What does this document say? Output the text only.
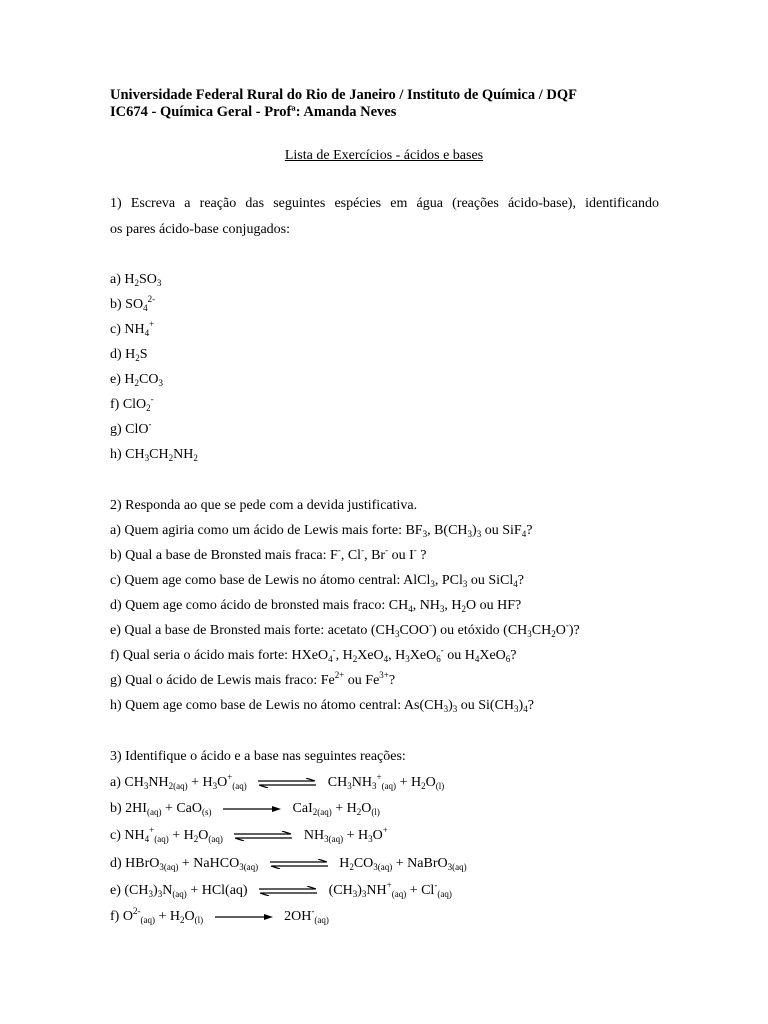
Universidade Federal Rural do Rio de Janeiro / Instituto de Química / DQF
IC674 - Química Geral - Profª: Amanda Neves
Lista de Exercícios - ácidos e bases
1) Escreva a reação das seguintes espécies em água (reações ácido-base), identificando
os pares ácido-base conjugados:
a) $H_2SO_3$
b) $SO_4^{2-}$
c) $NH_4^+$
d) $H_2S$
e) $H_2CO_3$
f) ClO$_2$-
g) ClO-
h) $CH_3CH_2NH_2$
2) Responda ao que se pede com a devida justificativa.
a) Quem agiria como um ácido de Lewis mais forte: $BF_3$, $B(CH_3)_3$ ou SiF$_4$?
b) Qual a base de Bronsted mais fraca: F-, Cl-, Br- ou I- ?
c) Quem age como base de Lewis no átomo central: AlCl$_3$, PCl$_3$ ou SiCl$_4$?
d) Quem age como ácido de bronsted mais fraco: $CH_4$, $NH_3$, $H_2O$ ou HF?
e) Qual a base de Bronsted mais forte: acetato $(CH_3COO^-)$ ou etóxido $(CH_3CH_2O^-)$?
f) Qual seria o ácido mais forte: HXeO$_4$-, $H_2XeO_4$, $H_3XeO_6^-$ ou $H_4XeO_6$?
g) Qual o ácido de Lewis mais fraco: $Fe^{2+}$ ou $Fe^{3+}$?
h) Quem age como base de Lewis no átomo central: $As(CH_3)_3$ ou $Si(CH_3)_4$?
3) Identifique o ácido e a base nas seguintes reações:
a) $CH_3NH_{2(aq)} + H_3O^+_{(aq)}$	$CH_3NH_3^+_{(aq)} + H_2O_{(l)}$
b) $2HI_{(aq)} + CaO_{(s)}$	$CaI_{2(aq)} + H_2O_{(l)}$
c) $NH_4^+_{(aq)} + H_2O_{(aq)}$	$NH_{3(aq)} + H_3O^+$
d) HBrO$_{3(aq)}$ + NaHCO$_{3(aq)}$	$H_2CO_{3(aq)}$ + NaBrO$_{3(aq)}$
e) $(CH_3)_3N_{(aq)} + HCl(aq)$	$(CH_3)_3NH^+_{(aq)} + Cl^-_{(aq)}$
f) $O^{2-}_{(aq)} + H_2O_{(l)}$	$2OH^-_{(aq)}$
